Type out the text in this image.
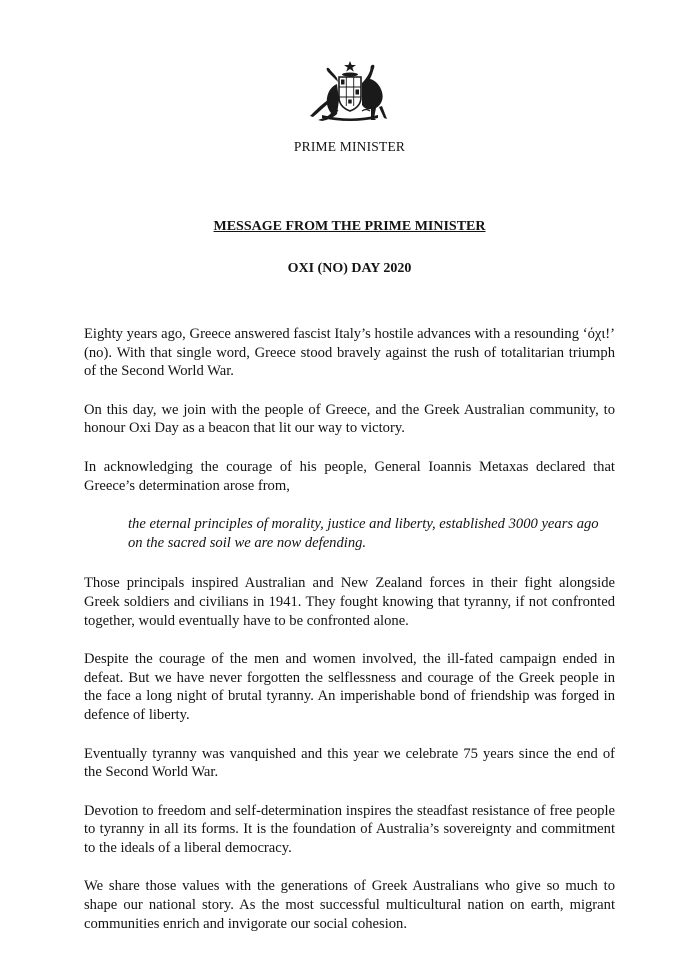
PRIME MINISTER
MESSAGE FROM THE PRIME MINISTER
OXI (NO) DAY 2020

Eighty years ago, Greece answered fascist Italy’s hostile advances with a resounding ‘όχι!’ (no). With that single word, Greece stood bravely against the rush of totalitarian triumph of the Second World War.

On this day, we join with the people of Greece, and the Greek Australian community, to honour Oxi Day as a beacon that lit our way to victory.

In acknowledging the courage of his people, General Ioannis Metaxas declared that Greece’s determination arose from,

the eternal principles of morality, justice and liberty, established 3000 years ago on the sacred soil we are now defending.

Those principals inspired Australian and New Zealand forces in their fight alongside Greek soldiers and civilians in 1941. They fought knowing that tyranny, if not confronted together, would eventually have to be confronted alone.

Despite the courage of the men and women involved, the ill-fated campaign ended in defeat. But we have never forgotten the selflessness and courage of the Greek people in the face a long night of brutal tyranny. An imperishable bond of friendship was forged in defence of liberty.

Eventually tyranny was vanquished and this year we celebrate 75 years since the end of the Second World War.

Devotion to freedom and self-determination inspires the steadfast resistance of free people to tyranny in all its forms. It is the foundation of Australia’s sovereignty and commitment to the ideals of a liberal democracy.

We share those values with the generations of Greek Australians who give so much to shape our national story. As the most successful multicultural nation on earth, migrant communities enrich and invigorate our social cohesion.
